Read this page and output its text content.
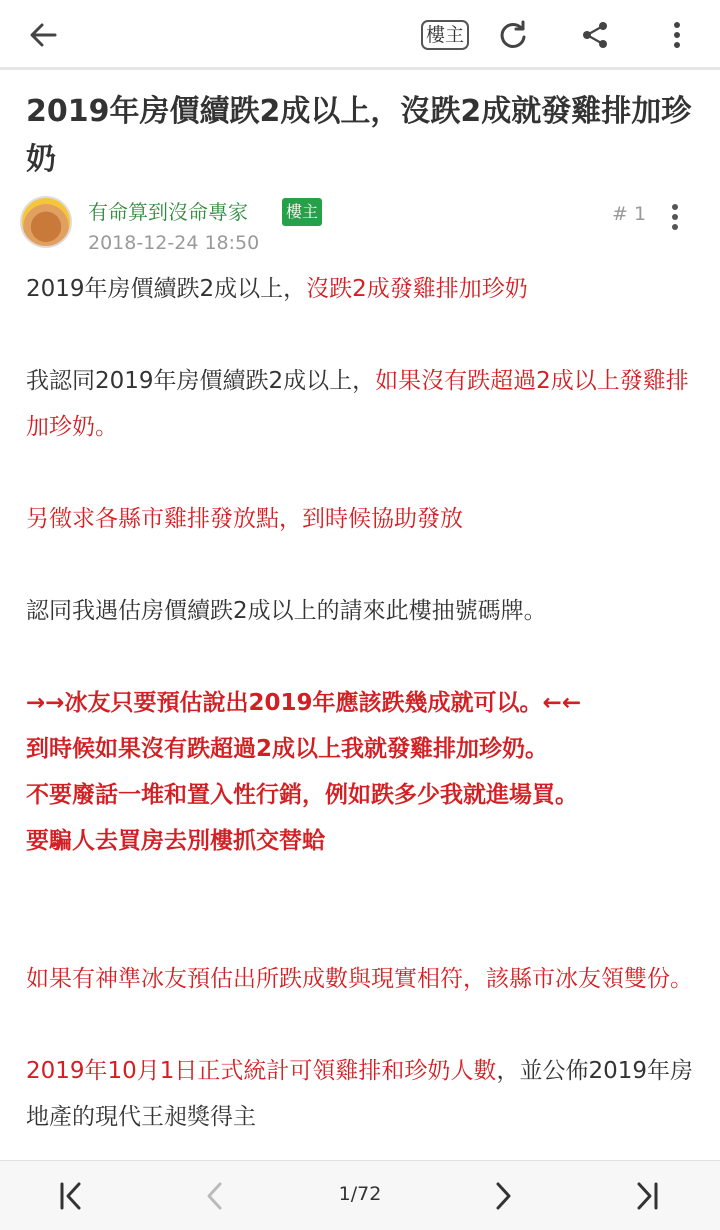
樓主
2019年房價續跌2成以上，沒跌2成就發雞排加珍奶
有命算到沒命專家 樓主
2018-12-24 18:50
# 1

2019年房價續跌2成以上，沒跌2成發雞排加珍奶

我認同2019年房價續跌2成以上，如果沒有跌超過2成以上發雞排加珍奶。

另徵求各縣市雞排發放點，到時候協助發放

認同我遇估房價續跌2成以上的請來此樓抽號碼牌。

→→冰友只要預估說出2019年應該跌幾成就可以。←←

到時候如果沒有跌超過2成以上我就發雞排加珍奶。

不要廢話一堆和置入性行銷，例如跌多少我就進場買。

要騙人去買房去別樓抓交替蛤

如果有神準冰友預估出所跌成數與現實相符，該縣市冰友領雙份。

2019年10月1日正式統計可領雞排和珍奶人數，並公佈2019年房地產的現代王昶獎得主

1/72
